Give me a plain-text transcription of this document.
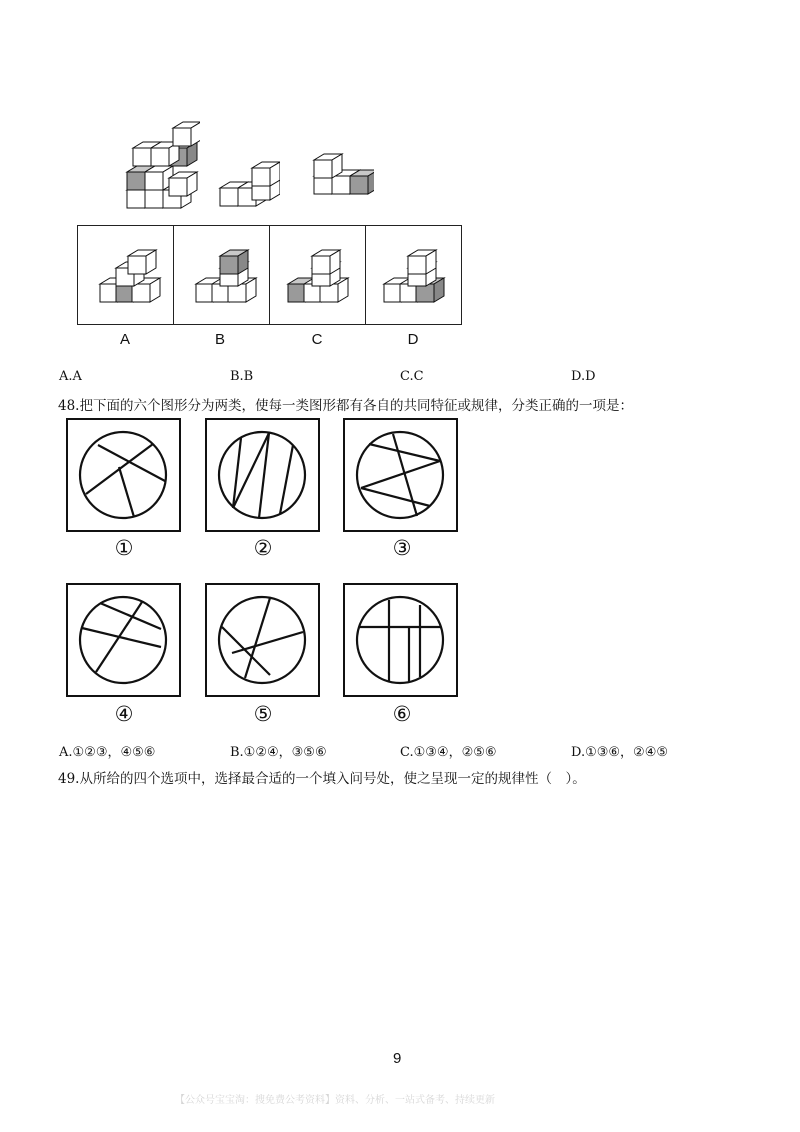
A	B	C	D
A.A	B.B	C.C	D.D
48.把下面的六个图形分为两类，使每一类图形都有各自的共同特征或规律，分类正确的一项是：
①	②	③
④	⑤	⑥
A.①②③，④⑤⑥	B.①②④，③⑤⑥	C.①③④，②⑤⑥	D.①③⑥，②④⑤
49.从所给的四个选项中，选择最合适的一个填入问号处，使之呈现一定的规律性（　）。
9
【公众号宝宝淘：搜免费公考资料】资料、分析、一站式备考、持续更新
